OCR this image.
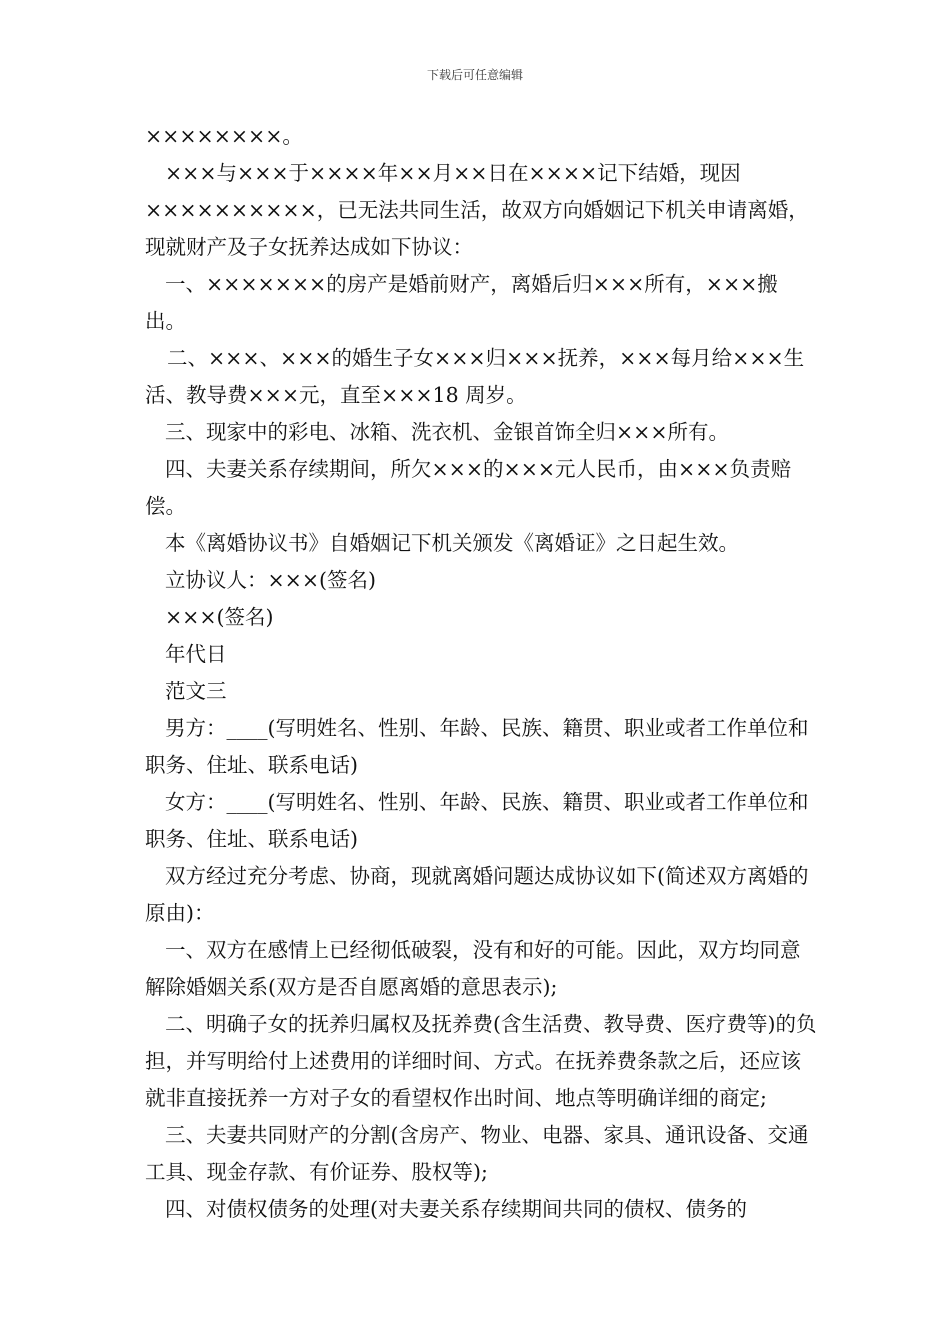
下载后可任意编辑

××××××××。

×××与×××于××××年××月××日在××××记下结婚，现因××××××××××，已无法共同生活，故双方向婚姻记下机关申请离婚，现就财产及子女抚养达成如下协议：

一、×××××××的房产是婚前财产，离婚后归×××所有，×××搬出。

二、×××、×××的婚生子女×××归×××抚养，×××每月给×××生活、教导费×××元，直至×××18 周岁。

三、现家中的彩电、冰箱、洗衣机、金银首饰全归×××所有。

四、夫妻关系存续期间，所欠×××的×××元人民币，由×××负责赔偿。

本《离婚协议书》自婚姻记下机关颁发《离婚证》之日起生效。

立协议人：×××(签名)

×××(签名)

年代日

范文三

男方：____(写明姓名、性别、年龄、民族、籍贯、职业或者工作单位和职务、住址、联系电话)

女方：____(写明姓名、性别、年龄、民族、籍贯、职业或者工作单位和职务、住址、联系电话)

双方经过充分考虑、协商，现就离婚问题达成协议如下(简述双方离婚的原由)：

一、双方在感情上已经彻低破裂，没有和好的可能。因此，双方均同意解除婚姻关系(双方是否自愿离婚的意思表示);

二、明确子女的抚养归属权及抚养费(含生活费、教导费、医疗费等)的负担，并写明给付上述费用的详细时间、方式。在抚养费条款之后，还应该就非直接抚养一方对子女的看望权作出时间、地点等明确详细的商定;

三、夫妻共同财产的分割(含房产、物业、电器、家具、通讯设备、交通工具、现金存款、有价证券、股权等);

四、对债权债务的处理(对夫妻关系存续期间共同的债权、债务的
